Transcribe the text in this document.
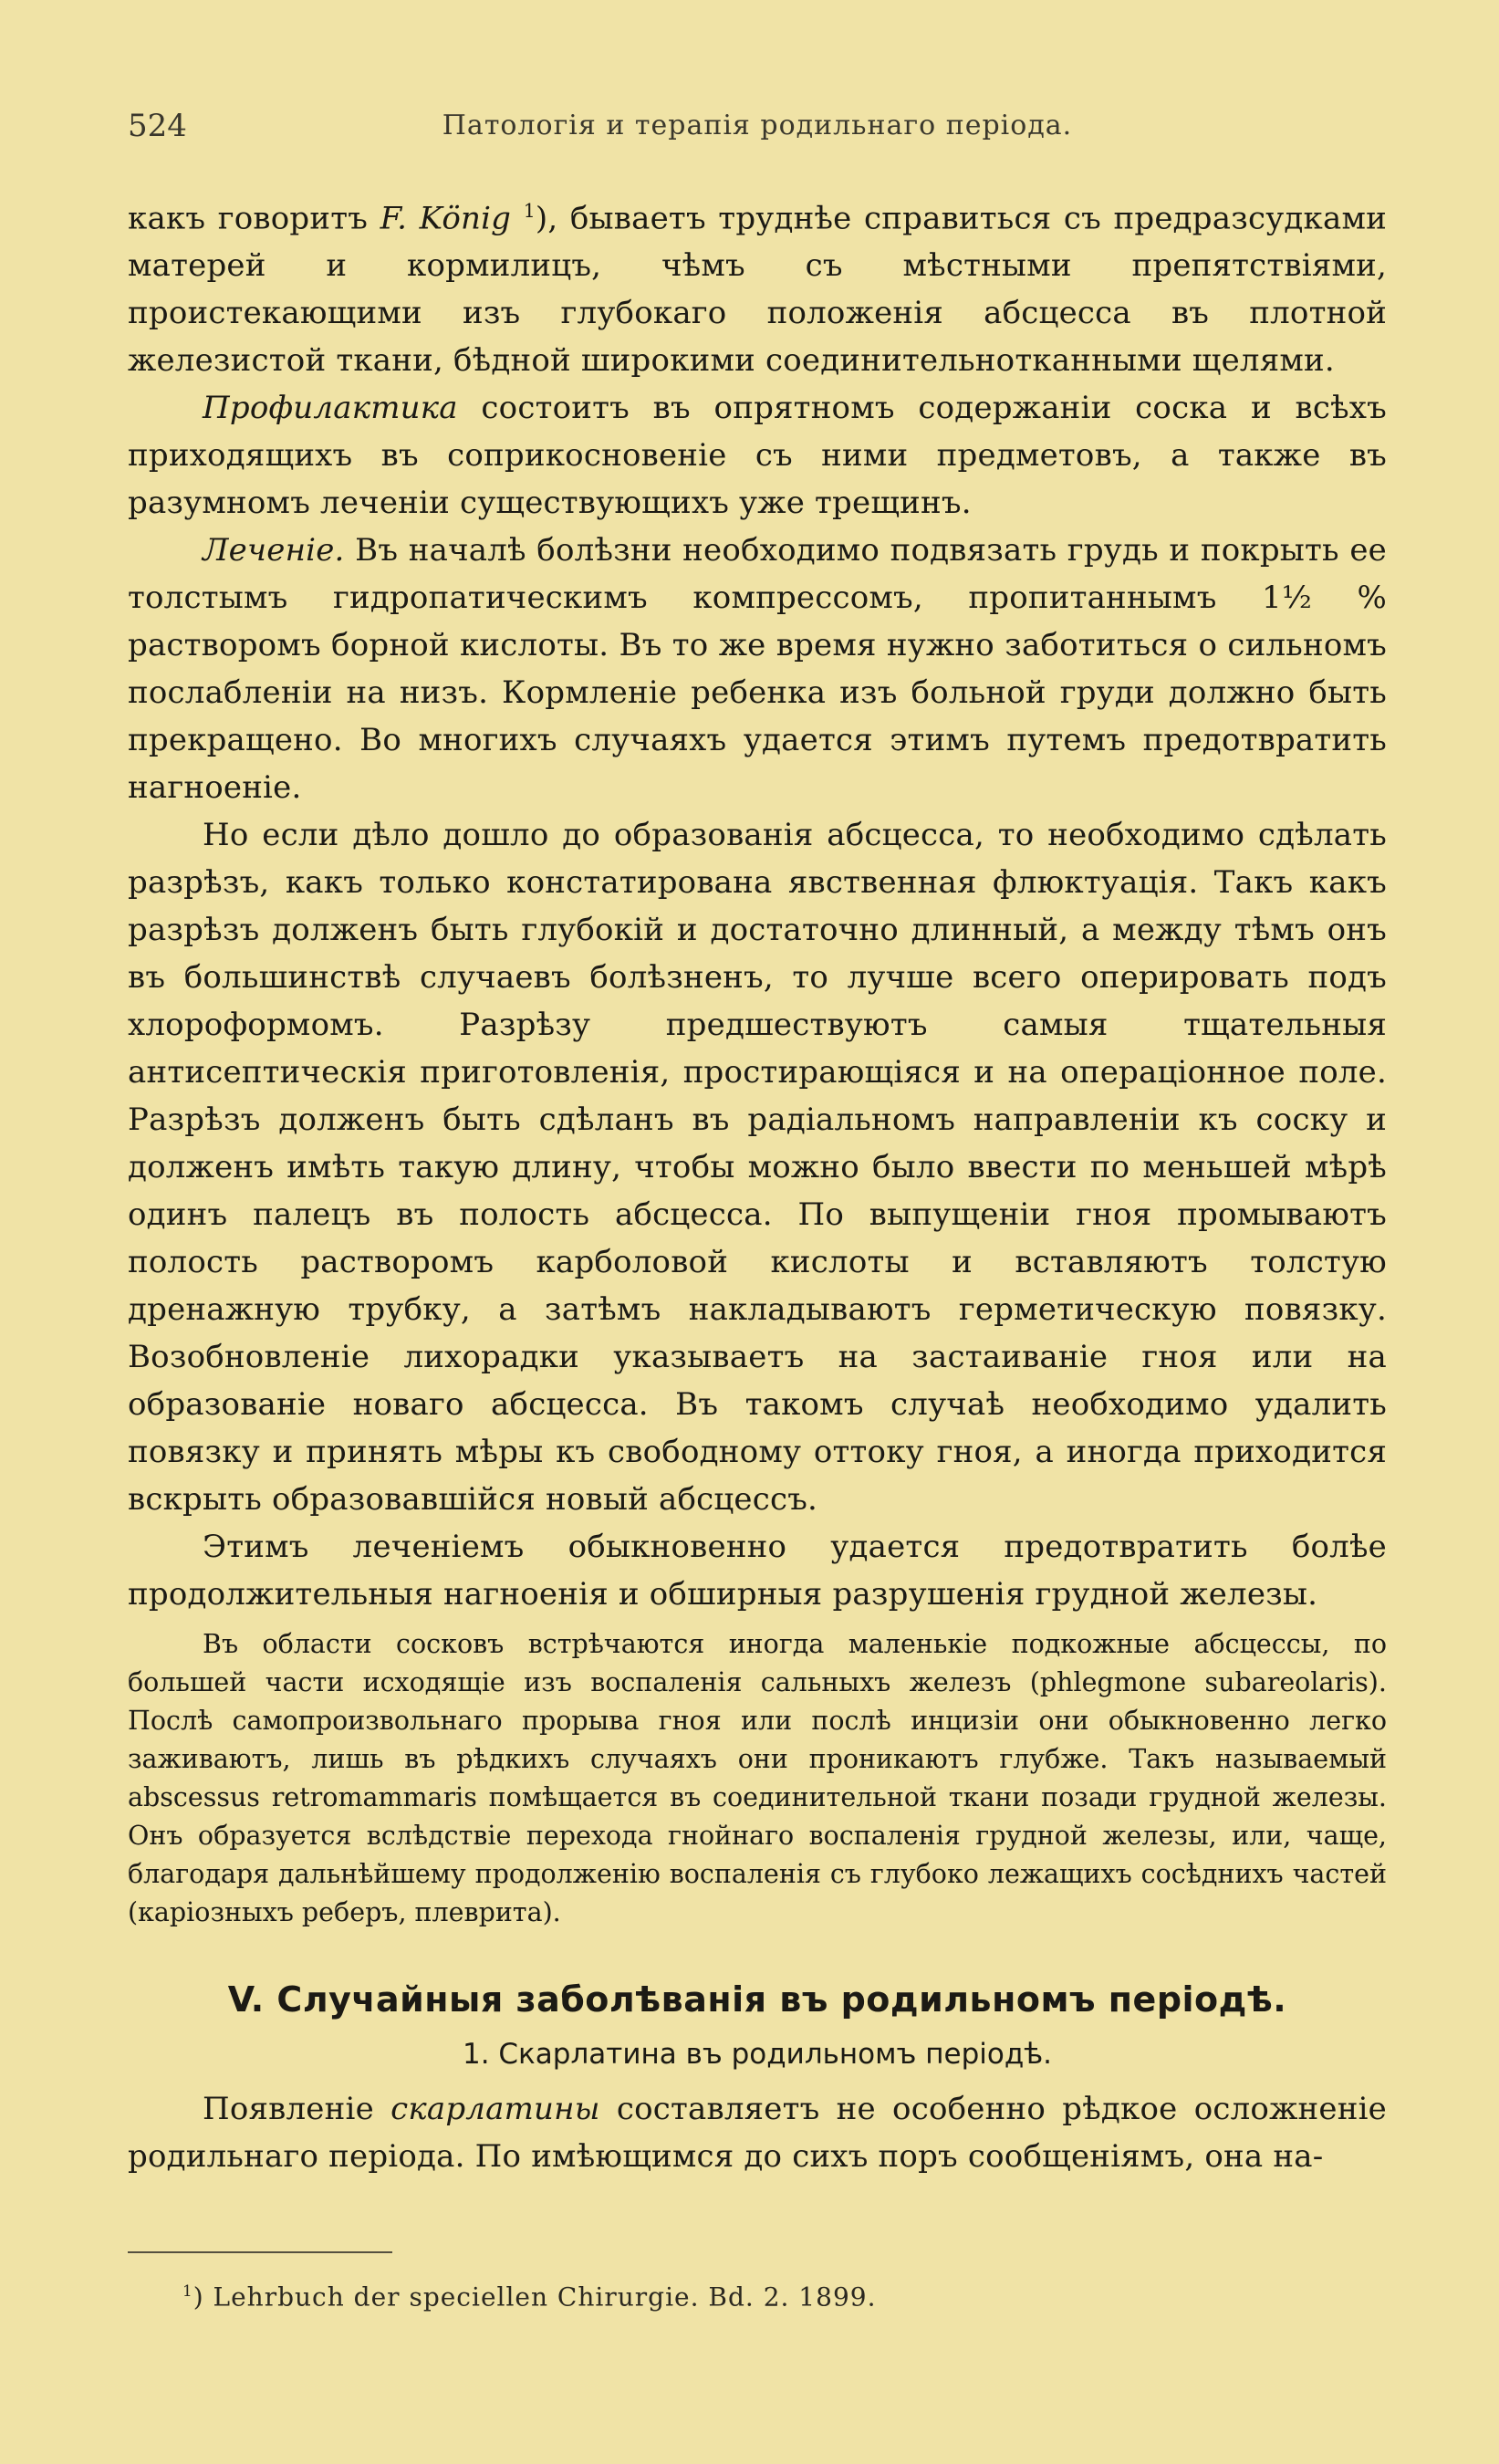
524	Патологія и терапія родильнаго періода.

какъ говоритъ F. König $^1$), бываетъ труднѣе справиться съ предразсудками матерей и кормилицъ, чѣмъ съ мѣстными препятствіями, проистекающими изъ глубокаго положенія абсцесса въ плотной железистой ткани, бѣдной широкими соединительнотканными щелями.

Профилактика состоитъ въ опрятномъ содержаніи соска и всѣхъ приходящихъ въ соприкосновеніе съ ними предметовъ, а также въ разумномъ леченіи существующихъ уже трещинъ.

Леченіе. Въ началѣ болѣзни необходимо подвязать грудь и покрыть ее толстымъ гидропатическимъ компрессомъ, пропитаннымъ 1½ % растворомъ борной кислоты. Въ то же время нужно заботиться о сильномъ послабленіи на низъ. Кормленіе ребенка изъ больной груди должно быть прекращено. Во многихъ случаяхъ удается этимъ путемъ предотвратить нагноеніе.

Но если дѣло дошло до образованія абсцесса, то необходимо сдѣлать разрѣзъ, какъ только констатирована явственная флюктуація. Такъ какъ разрѣзъ долженъ быть глубокій и достаточно длинный, а между тѣмъ онъ въ большинствѣ случаевъ болѣзненъ, то лучше всего оперировать подъ хлороформомъ. Разрѣзу предшествуютъ самыя тщательныя антисептическія приготовленія, простирающіяся и на операціонное поле. Разрѣзъ долженъ быть сдѣланъ въ радіальномъ направленіи къ соску и долженъ имѣть такую длину, чтобы можно было ввести по меньшей мѣрѣ одинъ палецъ въ полость абсцесса. По выпущеніи гноя промываютъ полость растворомъ карболовой кислоты и вставляютъ толстую дренажную трубку, а затѣмъ накладываютъ герметическую повязку. Возобновленіе лихорадки указываетъ на застаиваніе гноя или на образованіе новаго абсцесса. Въ такомъ случаѣ необходимо удалить повязку и принять мѣры къ свободному оттоку гноя, а иногда приходится вскрыть образовавшійся новый абсцессъ.

Этимъ леченіемъ обыкновенно удается предотвратить болѣе продолжительныя нагноенія и обширныя разрушенія грудной железы.

Въ области сосковъ встрѣчаются иногда маленькіе подкожные абсцессы, по большей части исходящіе изъ воспаленія сальныхъ железъ (phlegmone subareolaris). Послѣ самопроизвольнаго прорыва гноя или послѣ инцизіи они обыкновенно легко заживаютъ, лишь въ рѣдкихъ случаяхъ они проникаютъ глубже. Такъ называемый abscessus retromammaris помѣщается въ соединительной ткани позади грудной железы. Онъ образуется вслѣдствіе перехода гнойнаго воспаленія грудной железы, или, чаще, благодаря дальнѣйшему продолженію воспаленія съ глубоко лежащихъ сосѣднихъ частей (каріозныхъ реберъ, плеврита).

V. Случайныя заболѣванія въ родильномъ періодѣ.
1. Скарлатина въ родильномъ періодѣ.

Появленіе скарлатины составляетъ не особенно рѣдкое осложненіе родильнаго періода. По имѣющимся до сихъ поръ сообщеніямъ, она на-

$^1$) Lehrbuch der speciellen Chirurgie. Bd. 2. 1899.
